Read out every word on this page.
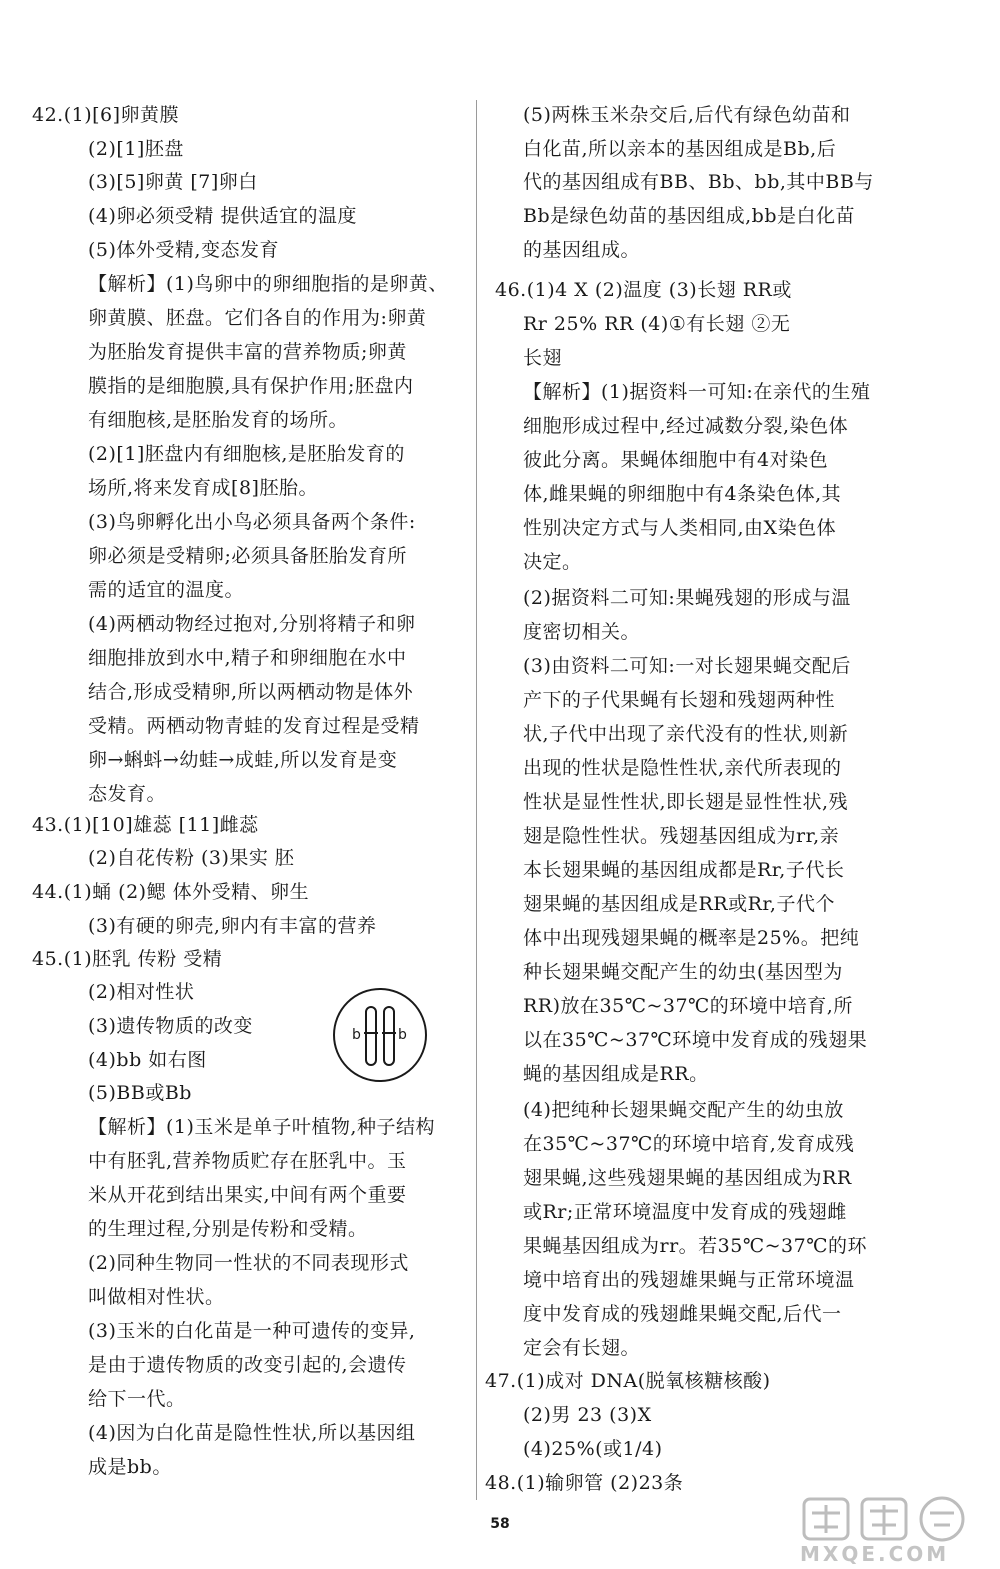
42.(1)[6]卵黄膜
(2)[1]胚盘
(3)[5]卵黄 [7]卵白
(4)卵必须受精 提供适宜的温度
(5)体外受精,变态发育
【解析】(1)鸟卵中的卵细胞指的是卵黄、
卵黄膜、胚盘。它们各自的作用为:卵黄
为胚胎发育提供丰富的营养物质;卵黄
膜指的是细胞膜,具有保护作用;胚盘内
有细胞核,是胚胎发育的场所。
(2)[1]胚盘内有细胞核,是胚胎发育的
场所,将来发育成[8]胚胎。
(3)鸟卵孵化出小鸟必须具备两个条件:
卵必须是受精卵;必须具备胚胎发育所
需的适宜的温度。
(4)两栖动物经过抱对,分别将精子和卵
细胞排放到水中,精子和卵细胞在水中
结合,形成受精卵,所以两栖动物是体外
受精。两栖动物青蛙的发育过程是受精
卵→蝌蚪→幼蛙→成蛙,所以发育是变
态发育。
43.(1)[10]雄蕊 [11]雌蕊
(2)自花传粉 (3)果实 胚
44.(1)蛹 (2)鳃 体外受精、卵生
(3)有硬的卵壳,卵内有丰富的营养
45.(1)胚乳 传粉 受精
(2)相对性状
(3)遗传物质的改变
(4)bb 如右图
(5)BB或Bb
【解析】(1)玉米是单子叶植物,种子结构
中有胚乳,营养物质贮存在胚乳中。玉
米从开花到结出果实,中间有两个重要
的生理过程,分别是传粉和受精。
(2)同种生物同一性状的不同表现形式
叫做相对性状。
(3)玉米的白化苗是一种可遗传的变异,
是由于遗传物质的改变引起的,会遗传
给下一代。
(4)因为白化苗是隐性性状,所以基因组
成是bb。
b	b
(5)两株玉米杂交后,后代有绿色幼苗和
白化苗,所以亲本的基因组成是Bb,后
代的基因组成有BB、Bb、bb,其中BB与
Bb是绿色幼苗的基因组成,bb是白化苗
的基因组成。
46.(1)4 X (2)温度 (3)长翅 RR或
Rr 25% RR (4)①有长翅 ②无
长翅
【解析】(1)据资料一可知:在亲代的生殖
细胞形成过程中,经过减数分裂,染色体
彼此分离。果蝇体细胞中有4对染色
体,雌果蝇的卵细胞中有4条染色体,其
性别决定方式与人类相同,由X染色体
决定。
(2)据资料二可知:果蝇残翅的形成与温
度密切相关。
(3)由资料二可知:一对长翅果蝇交配后
产下的子代果蝇有长翅和残翅两种性
状,子代中出现了亲代没有的性状,则新
出现的性状是隐性性状,亲代所表现的
性状是显性性状,即长翅是显性性状,残
翅是隐性性状。残翅基因组成为rr,亲
本长翅果蝇的基因组成都是Rr,子代长
翅果蝇的基因组成是RR或Rr,子代个
体中出现残翅果蝇的概率是25%。把纯
种长翅果蝇交配产生的幼虫(基因型为
RR)放在35℃~37℃的环境中培育,所
以在35℃~37℃环境中发育成的残翅果
蝇的基因组成是RR。
(4)把纯种长翅果蝇交配产生的幼虫放
在35℃~37℃的环境中培育,发育成残
翅果蝇,这些残翅果蝇的基因组成为RR
或Rr;正常环境温度中发育成的残翅雌
果蝇基因组成为rr。若35℃~37℃的环
境中培育出的残翅雄果蝇与正常环境温
度中发育成的残翅雌果蝇交配,后代一
定会有长翅。
47.(1)成对 DNA(脱氧核糖核酸)
(2)男 23 (3)X
(4)25%(或1/4)
48.(1)输卵管 (2)23条
58
MXQE.COM
